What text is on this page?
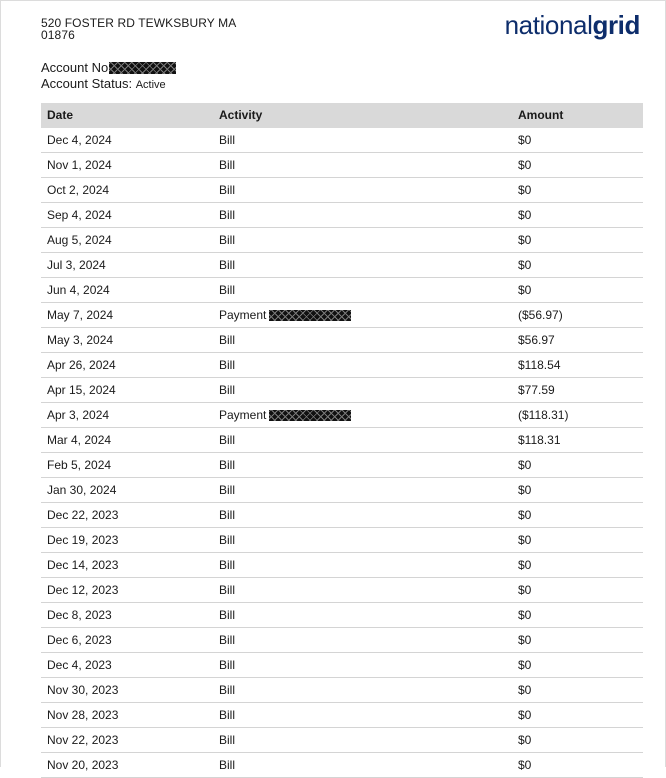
520 FOSTER RD TEWKSBURY MA
01876	nationalgrid
Account No
Account Status: Active
Date	Activity	Amount
Dec 4, 2024	Bill	$0
Nov 1, 2024	Bill	$0
Oct 2, 2024	Bill	$0
Sep 4, 2024	Bill	$0
Aug 5, 2024	Bill	$0
Jul 3, 2024	Bill	$0
Jun 4, 2024	Bill	$0
May 7, 2024	Payment	($56.97)
May 3, 2024	Bill	$56.97
Apr 26, 2024	Bill	$118.54
Apr 15, 2024	Bill	$77.59
Apr 3, 2024	Payment	($118.31)
Mar 4, 2024	Bill	$118.31
Feb 5, 2024	Bill	$0
Jan 30, 2024	Bill	$0
Dec 22, 2023	Bill	$0
Dec 19, 2023	Bill	$0
Dec 14, 2023	Bill	$0
Dec 12, 2023	Bill	$0
Dec 8, 2023	Bill	$0
Dec 6, 2023	Bill	$0
Dec 4, 2023	Bill	$0
Nov 30, 2023	Bill	$0
Nov 28, 2023	Bill	$0
Nov 22, 2023	Bill	$0
Nov 20, 2023	Bill	$0
